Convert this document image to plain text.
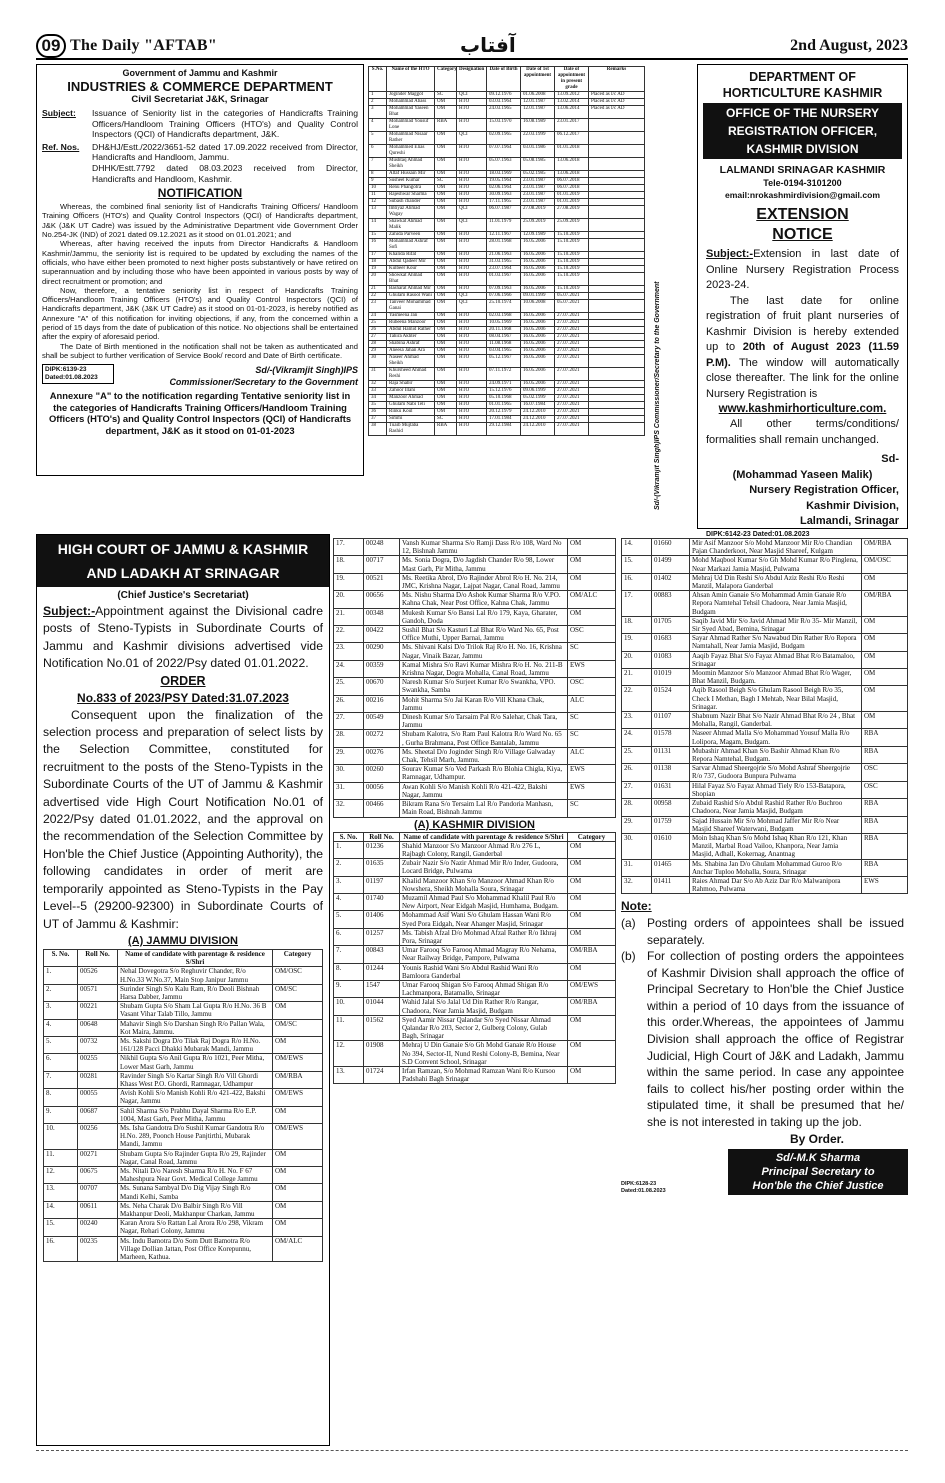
09 The Daily "AFTAB"	آفتاب	2nd August, 2023
Government of Jammu and Kashmir
INDUSTRIES & COMMERCE DEPARTMENT
Civil Secretariat J&K, Srinagar
Subject:	Issuance of Seniority list in the categories of Handicrafts Training Officers/Handloom Training Officers (HTO's) and Quality Control Inspectors (QCI) of Handicrafts department, J&K.
Ref. Nos.	DH&HJ/Estt./2022/3651-52 dated 17.09.2022 received from Director, Handicrafts and Handloom, Jammu.
DHHK/Estt.7792 dated 08.03.2023 received from Director, Handicrafts and Handloom, Kashmir.
NOTIFICATION
Whereas, the combined final seniority list of Handicrafts Training Officers/ Handloom Training Officers (HTO's) and Quality Control Inspectors (QCI) of Handicrafts department, J&K (J&K UT Cadre) was issued by the Administrative Department vide Government Order No.254-JK (IND) of 2021 dated 09.12.2021 as it stood on 01.01.2021; and
Whereas, after having received the inputs from Director Handicrafts & Handloom Kashmir/Jammu, the seniority list is required to be updated by excluding the names of the officials, who have either been promoted to next higher posts substantively or have retired on superannuation and by including those who have been appointed in various posts by way of direct recruitment or promotion; and
Now, therefore, a tentative seniority list in respect of Handicrafts Training Officers/Handloom Training Officers (HTO's) and Quality Control Inspectors (QCI) of Handicrafts department, J&K (J&K UT Cadre) as it stood on 01-01-2023, is hereby notified as Annexure "A" of this notification for inviting objections, if any, from the concerned within a period of 15 days from the date of publication of this notice. No objections shall be entertained after the expiry of aforesaid period.
The Date of Birth mentioned in the notification shall not be taken as authenticated and shall be subject to further verification of Service Book/ record and Date of Birth certificate.
DIPK:6139-23
Dated:01.08.2023
Sd/-(Vikramjit Singh)IPS
Commissioner/Secretary to the Government
Annexure "A" to the notification regarding Tentative seniority list in the categories of Handicrafts Training Officers/Handloom Training Officers (HTO's) and Quality Control Inspectors (QCI) of Handicrafts department, J&K as it stood on 01-01-2023
S.No.	Name of the HTO	Category	Designation	Date of Birth	Date of 1st appointment	Date of appointment in present grade	Remarks
1	Joginder Maggot	SC	QCI	09.12.1976	01.06.2008	13.09.2012	Placed as I/c AD
2	Mohammad Abass	OM	HTO	03.03.1964	12.01.1987	13.02.2014	Placed as I/c AD
3	Mohammad Yaseen Bhat	OM	HTO	24.03.1965	12.01.1987	13.06.2014	Placed as I/c AD
4	Mohammad Yousuf Lone	RBA	HTO	15.03.1970	16.08.1989	23.01.2017	
5	Mohammad Nisaar Rather	OM	QCI	02.09.1965	22.03.1999	06.12.2017	
6	Mohammed Elias Qureshi	OM	HTO	07.07.1964	03.01.1986	01.01.2018	
7	Mushtaq Ahmad Sheikh	OM	HTO	05.07.1963	05.08.1985	13.06.2018	
8	Altaf Hussain Mir	OM	HTO	18.03.1969	05.02.1985	13.06.2018	
9	Susheel Kumar	SC	HTO	19.05.1964	23.01.1987	06.07.2018	
10	Renu Phangotra	OM	HTO	02.06.1964	23.01.1987	06.07.2018	
11	Rajeshwar Sharma	OM	HTO	30.09.1963	23.01.1987	01.01.2019	
12	Subash chander	OM	HTO	17.11.1965	23.01.1987	01.01.2019	
13	Imtiyaz Ahmad Wagay	OM	QCI	06.07.1987	27.08.2019	27.08.2019	
14	Shawkat Ahmad Malik	OM	QCI	11.01.1979	25.09.2019	25.09.2019	
15	Zahida Parveen	OM	HTO	12.11.1967	12.09.1989	15.10.2019	
16	Mohammad Ashraf Sofi	OM	HTO	28.01.1968	16.05.2006	15.10.2019	
17	Khalida Rifat	OM	HTO	21.06.1963	16.05.2006	15.10.2019	
18	Abdul Qadeer Mir	OM	HTO	31.03.1965	16.05.2006	15.10.2019	
19	Kulbeer Kour	OM	HTO	23.07.1964	16.05.2006	15.10.2019	
20	Showkat Ahmad Bhat	OM	HTO	01.03.1967	16.05.2006	15.10.2019	
21	Basharat Ahmad Mir	OM	HTO	07.09.1963	16.05.2006	15.10.2019	
22	Ghulam Rasool Wani	OM	QCI	07.06.1966	09.01.1999	05.07.2021	
23	Tanveer Mohammad Ganai	OM	QCI	25.10.1974	10.06.2008	05.07.2021	
24	Yasmeena Jan	OM	HTO	02.03.1968	16.05.2006	27.07.2021	
25	Rubeena Manzoor	OM	HTO	10.05.1969	16.05.2006	27.07.2021	
26	Abdul Hamid Rather	OM	HTO	20.11.1968	16.05.2006	27.07.2021	
27	Tahira Akhter	OM	HTO	08.04.1967	16.05.2006	27.07.2021	
28	Shabina Ashraf	OM	HTO	11.08.1968	16.05.2006	27.07.2021	
29	Aneesa Jahan Ara	OM	HTO	03.04.1965	16.05.2006	27.07.2021	
30	Naseer Ahmad Sheikh	OM	HTO	05.12.1967	16.05.2006	27.07.2021	
31	Khursheed Ahmad Reshi	OM	HTO	07.11.1972	16.05.2006	27.07.2021	
32	Raja Shabir	OM	HTO	24.09.1971	16.05.2006	27.07.2021	
33	Zahoor Illahi	OM	HTO	15.12.1976	09.06.1999	27.07.2021	
34	Manzoor Ahmad	OM	HTO	05.10.1968	05.02.1999	27.07.2021	
35	Ghulam Nabi Teli	OM	HTO	01.01.1965	16.07.1984	27.07.2021	
36	Rinku Koul	OM	HTO	20.12.1979	24.12.2010	27.07.2021	
37	Simmi	SC	HTO	17.01.1984	24.12.2010	27.07.2021	
38	Tuaib Mujtaba Rashid	RBA	HTO	29.12.1984	24.12.2010	27.07.2021		Sd/-(Vikramjit Singh)IPS Commissioner/Secretary to the Government
DEPARTMENT OF HORTICULTURE KASHMIR
OFFICE OF THE NURSERY REGISTRATION OFFICER, KASHMIR DIVISION
LALMANDI SRINAGAR KASHMIR
Tele-0194-3101200
email:nrokashmirdivision@gmail.com
EXTENSION
NOTICE
Subject:-Extension in last date of Online Nursery Registration Process 2023-24.
The last date for online registration of fruit plant nurseries of Kashmir Division is hereby extended up to 20th of August 2023 (11.59 P.M). The window will automatically close thereafter. The link for the online Nursery Registration is
www.kashmirhorticulture.com.
All other terms/conditions/ formalities shall remain unchanged.
Sd-
(Mohammad Yaseen Malik)
Nursery Registration Officer,
Kashmir Division,
Lalmandi, Srinagar
DIPK:6142-23 Dated:01.08.2023
HIGH COURT OF JAMMU & KASHMIR AND LADAKH AT SRINAGAR
(Chief Justice's Secretariat)
Subject:-Appointment against the Divisional cadre posts of Steno-Typists in Subordinate Courts of Jammu and Kashmir divisions advertised vide Notification No.01 of 2022/Psy dated 01.01.2022.
ORDER
No.833 of 2023/PSY Dated:31.07.2023
Consequent upon the finalization of the selection process and preparation of select lists by the Selection Committee, constituted for recruitment to the posts of the Steno-Typists in the Subordinate Courts of the UT of Jammu & Kashmir advertised vide High Court Notification No.01 of 2022/Psy dated 01.01.2022, and the approval on the recommendation of the Selection Committee by Hon'ble the Chief Justice (Appointing Authority), the following candidates in order of merit are temporarily appointed as Steno-Typists in the Pay Level--5 (29200-92300) in Subordinate Courts of UT of Jammu & Kashmir:
(A) JAMMU DIVISION
S. No.	Roll No.	Name of candidate with parentage & residence S/Shri	Category
1.	00526	Nehal Dovegotra S/o Reghuvir Chander, R/o H.No.33 W.No.37, Main Stop Janipur Jammu	OM/OSC
2.	00571	Surinder Singh S/o Kalu Ram, R/o Deoli Bishnah Harsa Dabber, Jammu	OM/SC
3.	00221	Shubam Gupta S/o Sham Lal Gupta R/o H.No. 36 B Vasant Vihar Talab Tillo, Jammu	OM
4.	00648	Mahavir Singh S/o Darshan Singh R/o Pallan Wala, Kot Maira, Jammu.	OM/SC
5.	00732	Ms. Sakshi Dogra D/o Tilak Raj Dogra R/o H.No. 161/128 Pacci Dhakki Mubarak Mandi, Jammu	OM
6.	00255	Nikhil Gupta S/o Anil Gupta R/o 1021, Peer Mitha, Lower Mast Garh, Jammu	OM/EWS
7.	00281	Ravinder Singh S/o Kartar Singh R/o Vill Ghordi Khass West P.O. Ghordi, Ramnagar, Udhampur	OM/RBA
8.	00055	Avish Kohli S/o Manish Kohli R/o 421-422, Bakshi Nagar, Jammu	OM/EWS
9.	00687	Sahil Sharma S/o Prabhu Dayal Sharma R/o E.P. 1004, Mast Garh, Peer Mitha, Jammu	OM
10.	00256	Ms. Isha Gandotra D/o Sushil Kumar Gandotra R/o H.No. 289, Poonch House Panjtirthi, Mubarak Mandi, Jammu	OM/EWS
11.	00271	Shubam Gupta S/o Rajinder Gupta R/o 29, Rajinder Nagar, Canal Road, Jammu	OM
12.	00675	Ms. Nitali D/o Naresh Sharma R/o H. No. F 67 Maheshpura Near Govt. Medical College Jammu	OM
13.	00707	Ms. Sunana Sambyal D/o Dig Vijay Singh R/o Mandi Kelhi, Samba	OM
14.	00611	Ms. Neha Charak D/o Balbir Singh R/o Vill Makhanpur Deoli, Makhanpur Charkan, Jammu	OM
15.	00240	Karan Arora S/o Rattan Lal Arora R/o 298, Vikram Nagar, Rehari Colony, Jammu	OM
16.	00235	Ms. Indu Bamotra D/o Som Dutt Bamotra R/o Village Dollian Jattan, Post Office Korepunnu, Marheen, Kathua.	OM/ALC
17.	00248	Vansh Kumar Sharma S/o Ramji Dass R/o 108, Ward No 12, Bishnah Jammu	OM
18.	00717	Ms. Sonia Dogra, D/o Jagdish Chander R/o 98, Lower Mast Garh, Pir Mitha, Jammu	OM
19.	00521	Ms. Reetika Abrol, D/o Rajinder Abrol R/o H. No. 214, JMC, Krishna Nagar, Lajpat Nagar, Canal Road, Jammu	OM
20.	00656	Ms. Nishu Sharma D/o Ashok Kumar Sharma R/o V.PO. Kahna Chak, Near Post Office, Kahna Chak, Jammu	OM/ALC
21.	00348	Mukesh Kumar S/o Bansi Lal R/o 179, Kaya, Gharater, Gandoh, Doda	OM
22.	00422	Sushil Bhat S/o Kasturi Lal Bhat R/o Ward No. 65, Post Office Muthi, Upper Barnai, Jammu	OSC
23.	00290	Ms. Shivani Kalsi D/o Trilok Raj R/o H. No. 16, Krishna Nagar, Vinaik Bazar, Jammu	SC
24.	00359	Kamal Mishra S/o Ravi Kumar Mishra R/o H. No. 211-B Krishna Nagar, Dogra Mohalla, Canal Road, Jammu	EWS
25.	00670	Naresh Kumar S/o Surjeet Kumar R/o Swankha, VPO. Swankha, Samba	OSC
26.	00216	Mohit Sharma S/o Jai Karan R/o Vill Khana Chak, Jammu	ALC
27.	00549	Dinesh Kumar S/o Tarsaim Pal R/o Salehar, Chak Tara, Jammu	SC
28.	00272	Shubam Kalotra, S/o Ram Paul Kalotra R/o Ward No. 65 , Gurha Brahmana, Post Office Bantalab, Jammu	SC
29.	00276	Ms. Sheetal D/o Joginder Singh R/o Village Galwaday Chak, Tehsil Marh, Jammu.	ALC
30.	00260	Sourav Kumar S/o Ved Parkash R/o Blohia Chigla, Kiya, Ramnagar, Udhampur.	EWS
31.	00056	Awan Kohli S/o Manish Kohli R/o 421-422, Bakshi Nagar, Jammu	EWS
32.	00466	Bikram Rana S/o Tersaim Lal R/o Pandoria Manhasn, Main Road, Bishnah Jammu	SC
(A) KASHMIR DIVISION
S. No.	Roll No.	Name of candidate with parentage & residence S/Shri	Category
1.	01236	Shahid Manzoor S/o Manzoor Ahmad R/o 276 L, Rajbagh Colony, Rangil, Ganderbal	OM
2.	01635	Zubair Nazir S/o Nazir Ahmad Mir R/o Inder, Gudoora, Locard Bridge, Pulwama	OM
3.	01197	Khalid Manzoor Khan S/o Manzoor Ahmad Khan R/o Nowshera, Sheikh Mohalla Soura, Srinagar	OM
4.	01740	Muzamil Ahmad Paul S/o Mohammad Khalil Paul R/o New Airport, Near Eidgah Masjid, Humhama, Budgam.	OM
5.	01406	Mohammad Asif Wani S/o Ghulam Hassan Wani R/o Syed Pora Eidgah, Near Ahanger Masjid, Srinagar	OM
6.	01257	Ms. Tabish Afzal D/o Mohmad Afzal Rather R/o Ikhraj Pora, Srinagar	OM
7.	00843	Umar Farooq S/o Farooq Ahmad Magray R/o Nehama, Near Railway Bridge, Pampore, Pulwama	OM/RBA
8.	01244	Younis Rashid Wani S/o Abdul Rashid Wani R/o Bamloora Ganderbal	OM
9.	1547	Umar Farooq Shigan S/o Farooq Ahmad Shigan R/o Lachmanpora, Batamallo, Srinagar	OM/EWS
10.	01044	Wahid Jalal S/o Jalal Ud Din Rather R/o Rangar, Chadoora, Near Jamia Masjid, Budgam	OM/RBA
11.	01562	Syed Aamir Nissar Qalandar S/o Syed Nissar Ahmad Qalandar R/o 203, Sector 2, Gulberg Colony, Gulab Bagh, Srinagar	OM
12.	01908	Mehraj U Din Ganaie S/o Gh Mohd Ganaie R/o House No 394, Sector-II, Nund Reshi Colony-B, Bemina, Near S.D Convent School, Srinagar	OM
13.	01724	Irfan Ramzan, S/o Mohmad Ramzan Wani R/o Kursoo Padshahi Bagh Srinagar	OM
14.	01660	Mir Asif Manzoor S/o Mohd Manzoor Mir R/o Chandian Pajan Chanderkoot, Near Masjid Shareef, Kulgam	OM/RBA
15.	01499	Mohd Maqbool Kumar S/o Gh Mohd Kumar R/o Pinglena, Near Markazi Jamia Masjid, Pulwama	OM/OSC
16.	01402	Mehraj Ud Din Reshi S/o Abdul Aziz Reshi R/o Reshi Manzil, Malapora Ganderbal	OM
17.	00883	Ahsan Amin Ganaie S/o Mohammad Amin Ganaie R/o Repora Namtehal Tehsil Chadoora, Near Jamia Masjid, Budgam	OM/RBA
18.	01705	Saqib Javid Mir S/o Javid Ahmad Mir R/o 35- Mir Manzil, Sir Syed Abad, Bemina, Srinagar	OM
19.	01683	Sayar Ahmad Rather S/o Nawabud Din Rather R/o Repora Namtahall, Near Jamia Masjid, Budgam	OM
20.	01083	Aaqib Fayaz Bhat S/o Fayaz Ahmad Bhat R/o Batamaloo, Srinagar	OM
21.	01019	Moomin Manzoor S/o Manzoor Ahmad Bhat R/o Wager, Bhat Manzil, Budgam.	OM
22.	01524	Aqib Rasool Beigh S/o Ghulam Rasool Beigh R/o 35, Check I Methan, Bagh I Mehtab, Near Bilal Masjid, Srinagar.	OM
23.	01107	Shabnum Nazir Bhat S/o Nazir Ahmad Bhat R/o 24 , Bhat Mohalla, Rangil, Ganderbal.	OM
24.	01578	Naseer Ahmad Malla S/o Mohammad Yousuf Malla R/o Lolipora, Magam, Budgam.	RBA
25.	01131	Mubashir Ahmad Khan S/o Bashir Ahmad Khan R/o Repora Namtehal, Budgam.	RBA
26.	01138	Sarvar Ahmad Sheergojrie S/o Mohd Ashraf Sheergojrie R/o 737, Gudoora Bunpura Pulwama	OSC
27.	01631	Hilal Fayaz S/o Fayaz Ahmad Tiely R/o 153-Batapora, Shopian	OSC
28.	00958	Zubaid Rashid S/o Abdul Rashid Rather R/o Buchroo Chadoora, Near Jamia Masjid, Budgam	RBA
29.	01759	Sajad Hussain Mir S/o Mohmad Jaffer Mir R/o Near Masjid Shareef Waterwani, Budgam	RBA
30.	01610	Moin Ishaq Khan S/o Mohd Ishaq Khan R/o 121, Khan Manzil, Marbal Road Vailoo, Khanpora, Near Jamia Masjid, Adhall, Kokernag, Anantnag	RBA
31.	01465	Ms. Shabina Jan D/o Ghulam Mohammad Guroo R/o Anchar Tuploo Mohalla, Soura, Srinagar	RBA
32.	01411	Raies Ahmad Dar S/o Ab Aziz Dar R/o Malwanipora Rahmoo, Pulwama	EWS
Note:
(a) Posting orders of appointees shall be issued separately.
(b) For collection of posting orders the appointees of Kashmir Division shall approach the office of Principal Secretary to Hon'ble the Chief Justice within a period of 10 days from the issuance of this order.Whereas, the appointees of Jammu Division shall approach the office of Registrar Judicial, High Court of J&K and Ladakh, Jammu within the same period. In case any appointee fails to collect his/her posting order within the stipulated time, it shall be presumed that he/ she is not interested in taking up the job.
By Order.
DIPK:6128-23
Dated:01.08.2023
Sd/-M.K Sharma
Principal Secretary to
Hon'ble the Chief Justice
